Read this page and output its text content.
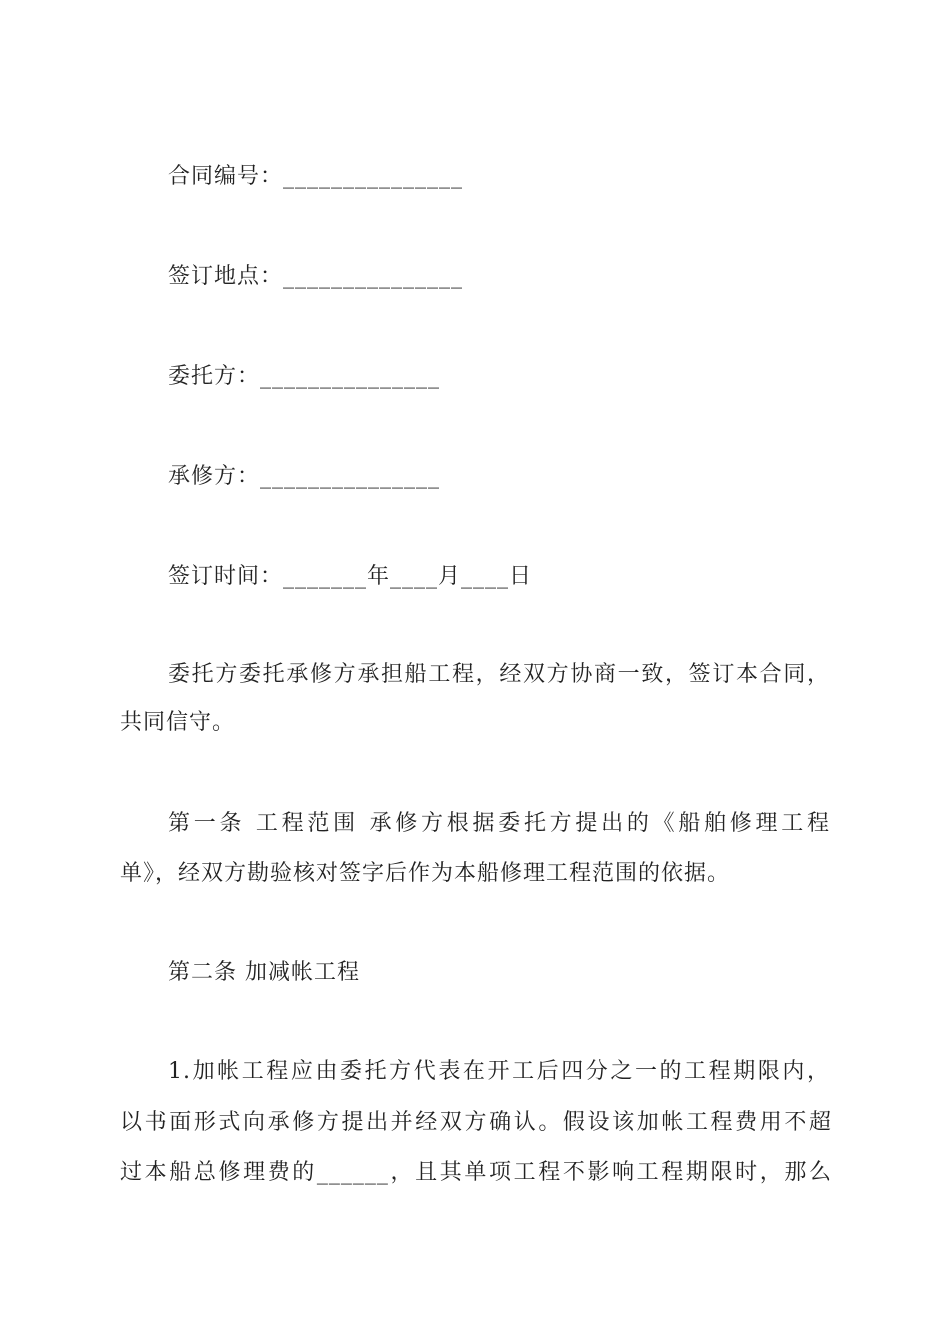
合同编号：_______________
签订地点：_______________
委托方：_______________
承修方：_______________
签订时间：_______年____月____日
委托方委托承修方承担船工程，经双方协商一致，签订本合同，
共同信守。
第一条 工程范围 承修方根据委托方提出的《船舶修理工程
单》，经双方勘验核对签字后作为本船修理工程范围的依据。
第二条 加减帐工程
1.加帐工程应由委托方代表在开工后四分之一的工程期限内，
以书面形式向承修方提出并经双方确认。假设该加帐工程费用不超
过本船总修理费的______，且其单项工程不影响工程期限时，那么
